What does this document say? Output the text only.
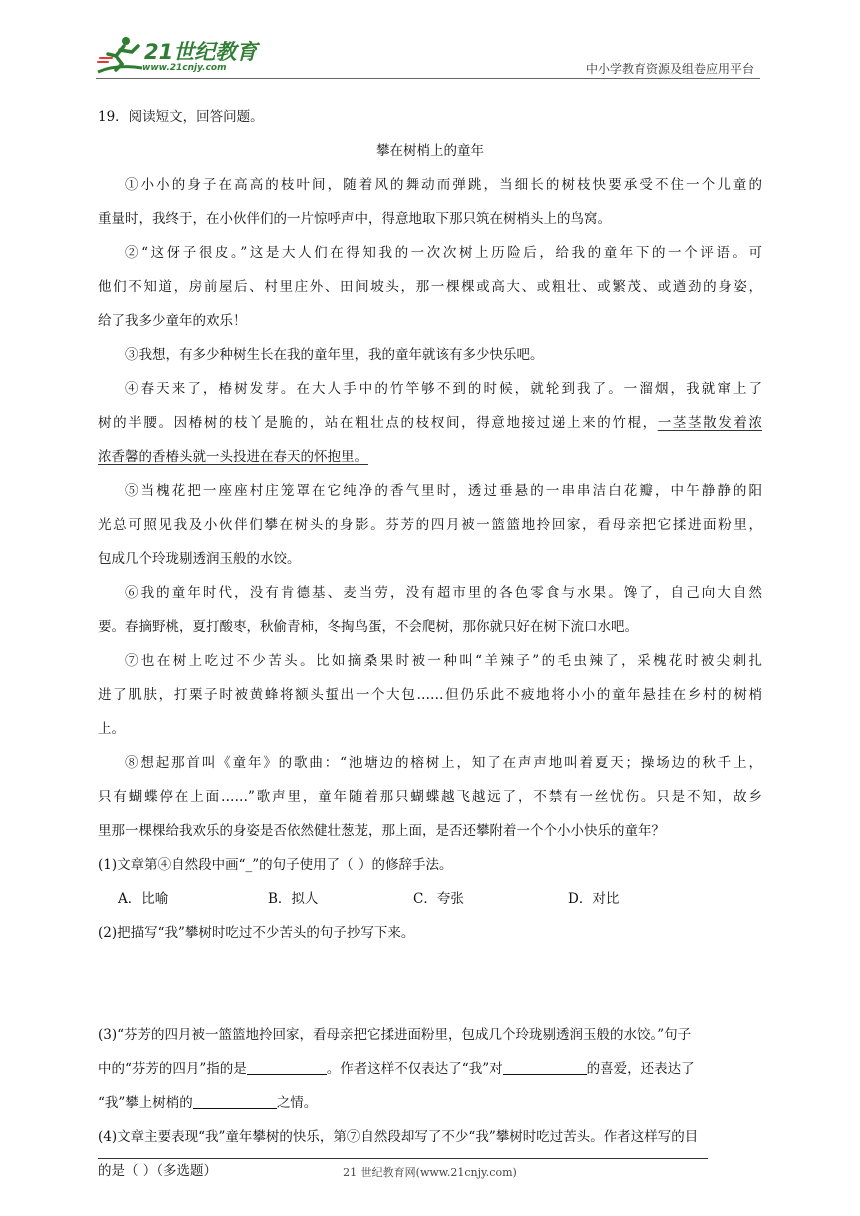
21世纪教育
www.21cnjy.com	中小学教育资源及组卷应用平台
19．阅读短文，回答问题。
攀在树梢上的童年
①小小的身子在高高的枝叶间，随着风的舞动而弹跳，当细长的树枝快要承受不住一个儿童的
重量时，我终于，在小伙伴们的一片惊呼声中，得意地取下那只筑在树梢头上的鸟窝。
②“这伢子很皮。”这是大人们在得知我的一次次树上历险后，给我的童年下的一个评语。可
他们不知道，房前屋后、村里庄外、田间坡头，那一棵棵或高大、或粗壮、或繁茂、或遒劲的身姿，
给了我多少童年的欢乐！
③我想，有多少种树生长在我的童年里，我的童年就该有多少快乐吧。
④春天来了，椿树发芽。在大人手中的竹竿够不到的时候，就轮到我了。一溜烟，我就窜上了
树的半腰。因椿树的枝丫是脆的，站在粗壮点的枝杈间，得意地接过递上来的竹棍，一茎茎散发着浓
浓香馨的香椿头就一头投进在春天的怀抱里。
⑤当槐花把一座座村庄笼罩在它纯净的香气里时，透过垂悬的一串串洁白花瓣，中午静静的阳
光总可照见我及小伙伴们攀在树头的身影。芬芳的四月被一篮篮地拎回家，看母亲把它揉进面粉里，
包成几个玲珑剔透润玉般的水饺。
⑥我的童年时代，没有肯德基、麦当劳，没有超市里的各色零食与水果。馋了，自己向大自然
要。春摘野桃，夏打酸枣，秋偷青柿，冬掏鸟蛋，不会爬树，那你就只好在树下流口水吧。
⑦也在树上吃过不少苦头。比如摘桑果时被一种叫“羊辣子”的毛虫辣了，采槐花时被尖刺扎
进了肌肤，打栗子时被黄蜂将额头蜇出一个大包……但仍乐此不疲地将小小的童年悬挂在乡村的树梢
上。
⑧想起那首叫《童年》的歌曲：“池塘边的榕树上，知了在声声地叫着夏天；操场边的秋千上，
只有蝴蝶停在上面……”歌声里，童年随着那只蝴蝶越飞越远了，不禁有一丝忧伤。只是不知，故乡
里那一棵棵给我欢乐的身姿是否依然健壮葱茏，那上面，是否还攀附着一个个小小快乐的童年？
(1)文章第④自然段中画“_”的句子使用了（ ）的修辞手法。
A．比喻	B．拟人	C．夸张	D．对比
(2)把描写“我”攀树时吃过不少苦头的句子抄写下来。
(3)“芬芳的四月被一篮篮地拎回家，看母亲把它揉进面粉里，包成几个玲珑剔透润玉般的水饺。”句子
中的“芬芳的四月”指的是	。作者这样不仅表达了“我”对	的喜爱，还表达了
“我”攀上树梢的	之情。
(4)文章主要表现“我”童年攀树的快乐，第⑦自然段却写了不少“我”攀树时吃过苦头。作者这样写的目
的是（ ）（多选题）	21 世纪教育网(www.21cnjy.com)
